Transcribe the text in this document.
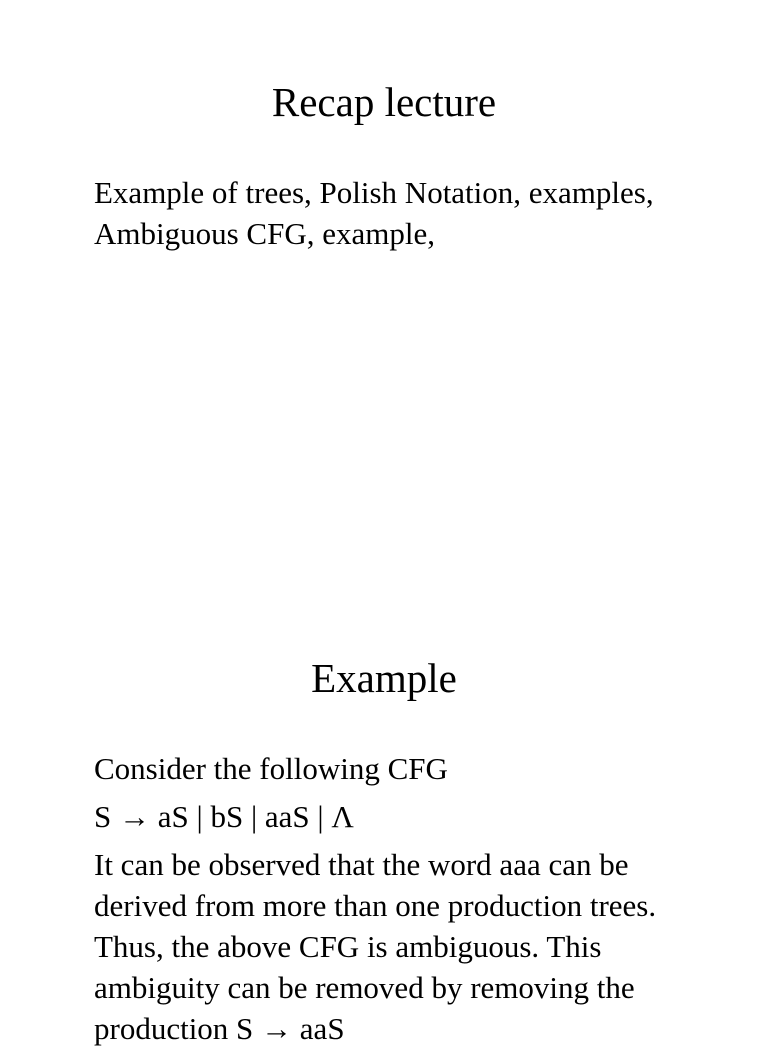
Recap lecture

Example of trees, Polish Notation, examples, Ambiguous CFG, example,

Example

Consider the following CFG

S → aS | bS | aaS | Λ

It can be observed that the word aaa can be derived from more than one production trees. Thus, the above CFG is ambiguous. This ambiguity can be removed by removing the production S → aaS
